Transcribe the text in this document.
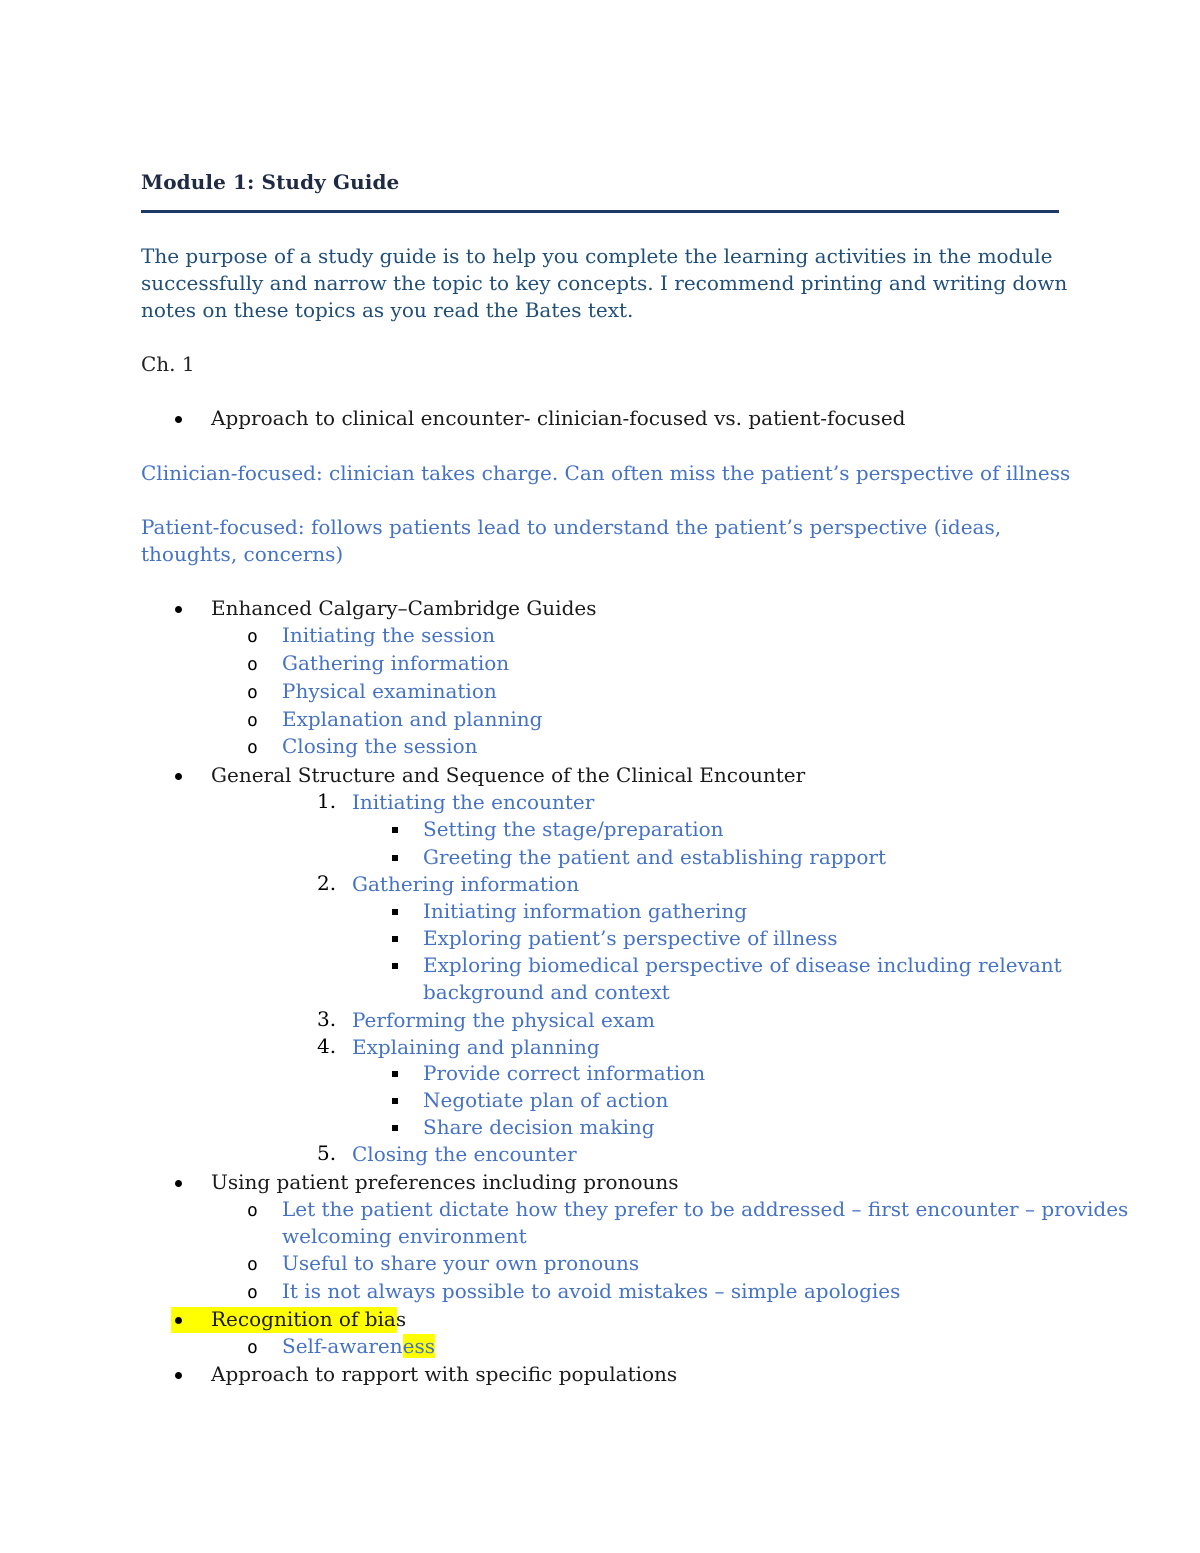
Module 1: Study Guide
The purpose of a study guide is to help you complete the learning activities in the module successfully and narrow the topic to key concepts. I recommend printing and writing down notes on these topics as you read the Bates text.
Ch. 1
Approach to clinical encounter- clinician-focused vs. patient-focused
Clinician-focused: clinician takes charge. Can often miss the patient’s perspective of illness
Patient-focused: follows patients lead to understand the patient’s perspective (ideas, thoughts, concerns)
Enhanced Calgary–Cambridge Guides
o Initiating the session
o Gathering information
o Physical examination
o Explanation and planning
o Closing the session
General Structure and Sequence of the Clinical Encounter
1. Initiating the encounter
Setting the stage/preparation
Greeting the patient and establishing rapport
2. Gathering information
Initiating information gathering
Exploring patient’s perspective of illness
Exploring biomedical perspective of disease including relevant
background and context
3. Performing the physical exam
4. Explaining and planning
Provide correct information
Negotiate plan of action
Share decision making
5. Closing the encounter
Using patient preferences including pronouns
o Let the patient dictate how they prefer to be addressed – first encounter – provides
welcoming environment
o Useful to share your own pronouns
o It is not always possible to avoid mistakes – simple apologies
Recognition of bias
o Self-awareness
Approach to rapport with specific populations
